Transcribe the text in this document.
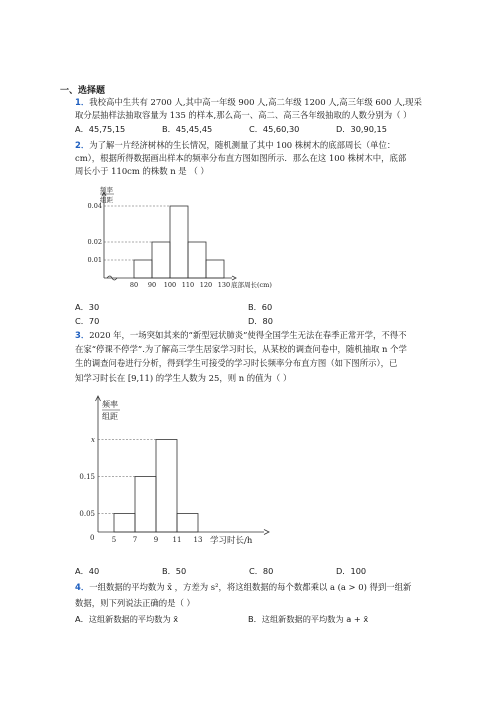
一、选择题
1．我校高中生共有 2700 人,其中高一年级 900 人,高二年级 1200 人,高三年级 600 人,现采
取分层抽样法抽取容量为 135 的样本,那么高一、高二、高三各年级抽取的人数分别为（ ）
A．45,75,15	B．45,45,45	C．45,60,30	D．30,90,15
2．为了解一片经济树林的生长情况，随机测量了其中 100 株树木的底部周长（单位：
cm），根据所得数据画出样本的频率分布直方图如图所示．那么在这 100 株树木中，底部
周长小于 110cm 的株数 n 是 （ ）
频率
组距
0.01
0.02
0.04
80 90 100 110 120 130 底部周长(cm)
A．30	B．60
C．70	D．80
3．2020 年，一场突如其来的“新型冠状肺炎”使得全国学生无法在春季正常开学，不得不
在家“停课不停学”.为了解高三学生居家学习时长，从某校的调查问卷中，随机抽取 n 个学
生的调查问卷进行分析，得到学生可接受的学习时长频率分布直方图（如下图所示），已
知学习时长在 [9,11) 的学生人数为 25，则 n 的值为（ ）
频率
组距
0.05
0.15
x
0 5 7 9 11 13 学习时长/h
A．40	B．50	C．80	D．100
4．一组数据的平均数为 x̄ ，方差为 s²，将这组数据的每个数都乘以 a (a > 0) 得到一组新
数据，则下列说法正确的是（ ）
A．这组新数据的平均数为 x̄	B．这组新数据的平均数为 a + x̄
